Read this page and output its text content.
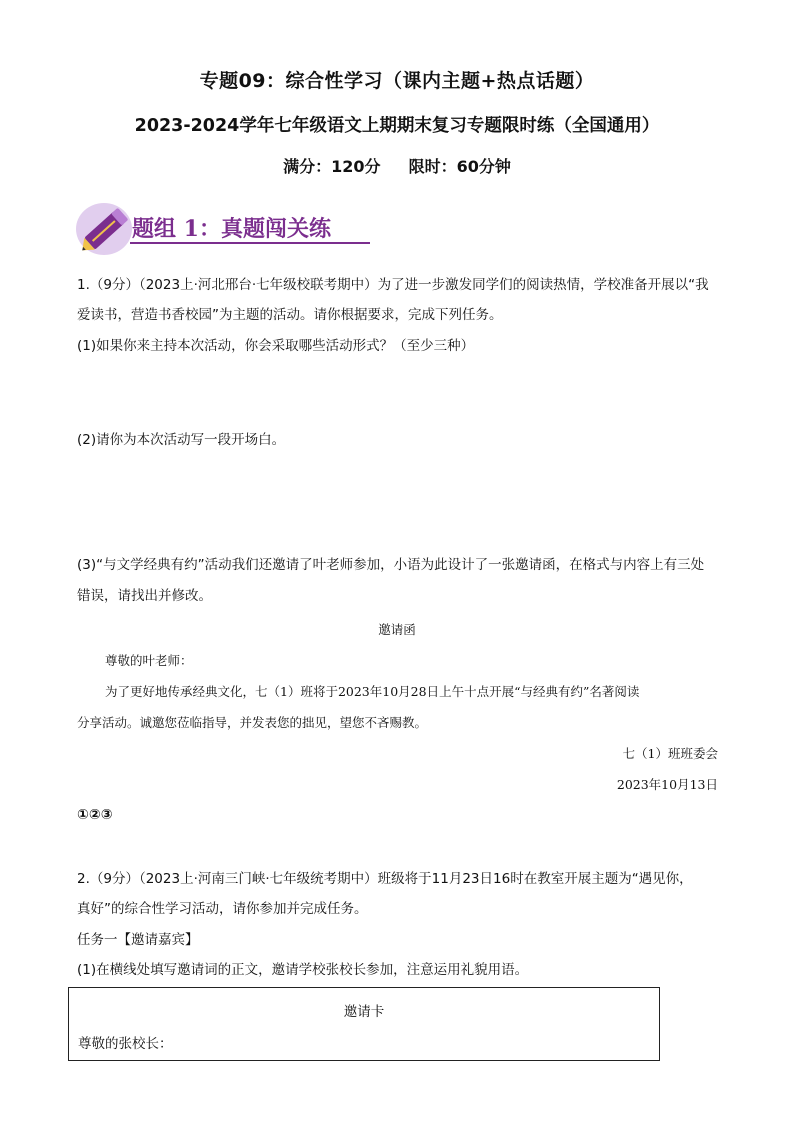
专题09：综合性学习（课内主题+热点话题）
2023-2024学年七年级语文上期期末复习专题限时练（全国通用）
满分：120分 限时：60分钟
题组 1：真题闯关练
1.（9分）（2023上·河北邢台·七年级校联考期中）为了进一步激发同学们的阅读热情，学校准备开展以“我
爱读书，营造书香校园”为主题的活动。请你根据要求，完成下列任务。
(1)如果你来主持本次活动，你会采取哪些活动形式？（至少三种）
(2)请你为本次活动写一段开场白。
(3)“与文学经典有约”活动我们还邀请了叶老师参加，小语为此设计了一张邀请函，在格式与内容上有三处
错误，请找出并修改。
邀请函
尊敬的叶老师：
为了更好地传承经典文化，七（1）班将于2023年10月28日上午十点开展“与经典有约”名著阅读
分享活动。诚邀您莅临指导，并发表您的拙见，望您不吝赐教。
七（1）班班委会
2023年10月13日
①②③
2.（9分）（2023上·河南三门峡·七年级统考期中）班级将于11月23日16时在教室开展主题为“遇见你，
真好”的综合性学习活动，请你参加并完成任务。
任务一【邀请嘉宾】
(1)在横线处填写邀请词的正文，邀请学校张校长参加，注意运用礼貌用语。
邀请卡
尊敬的张校长：
